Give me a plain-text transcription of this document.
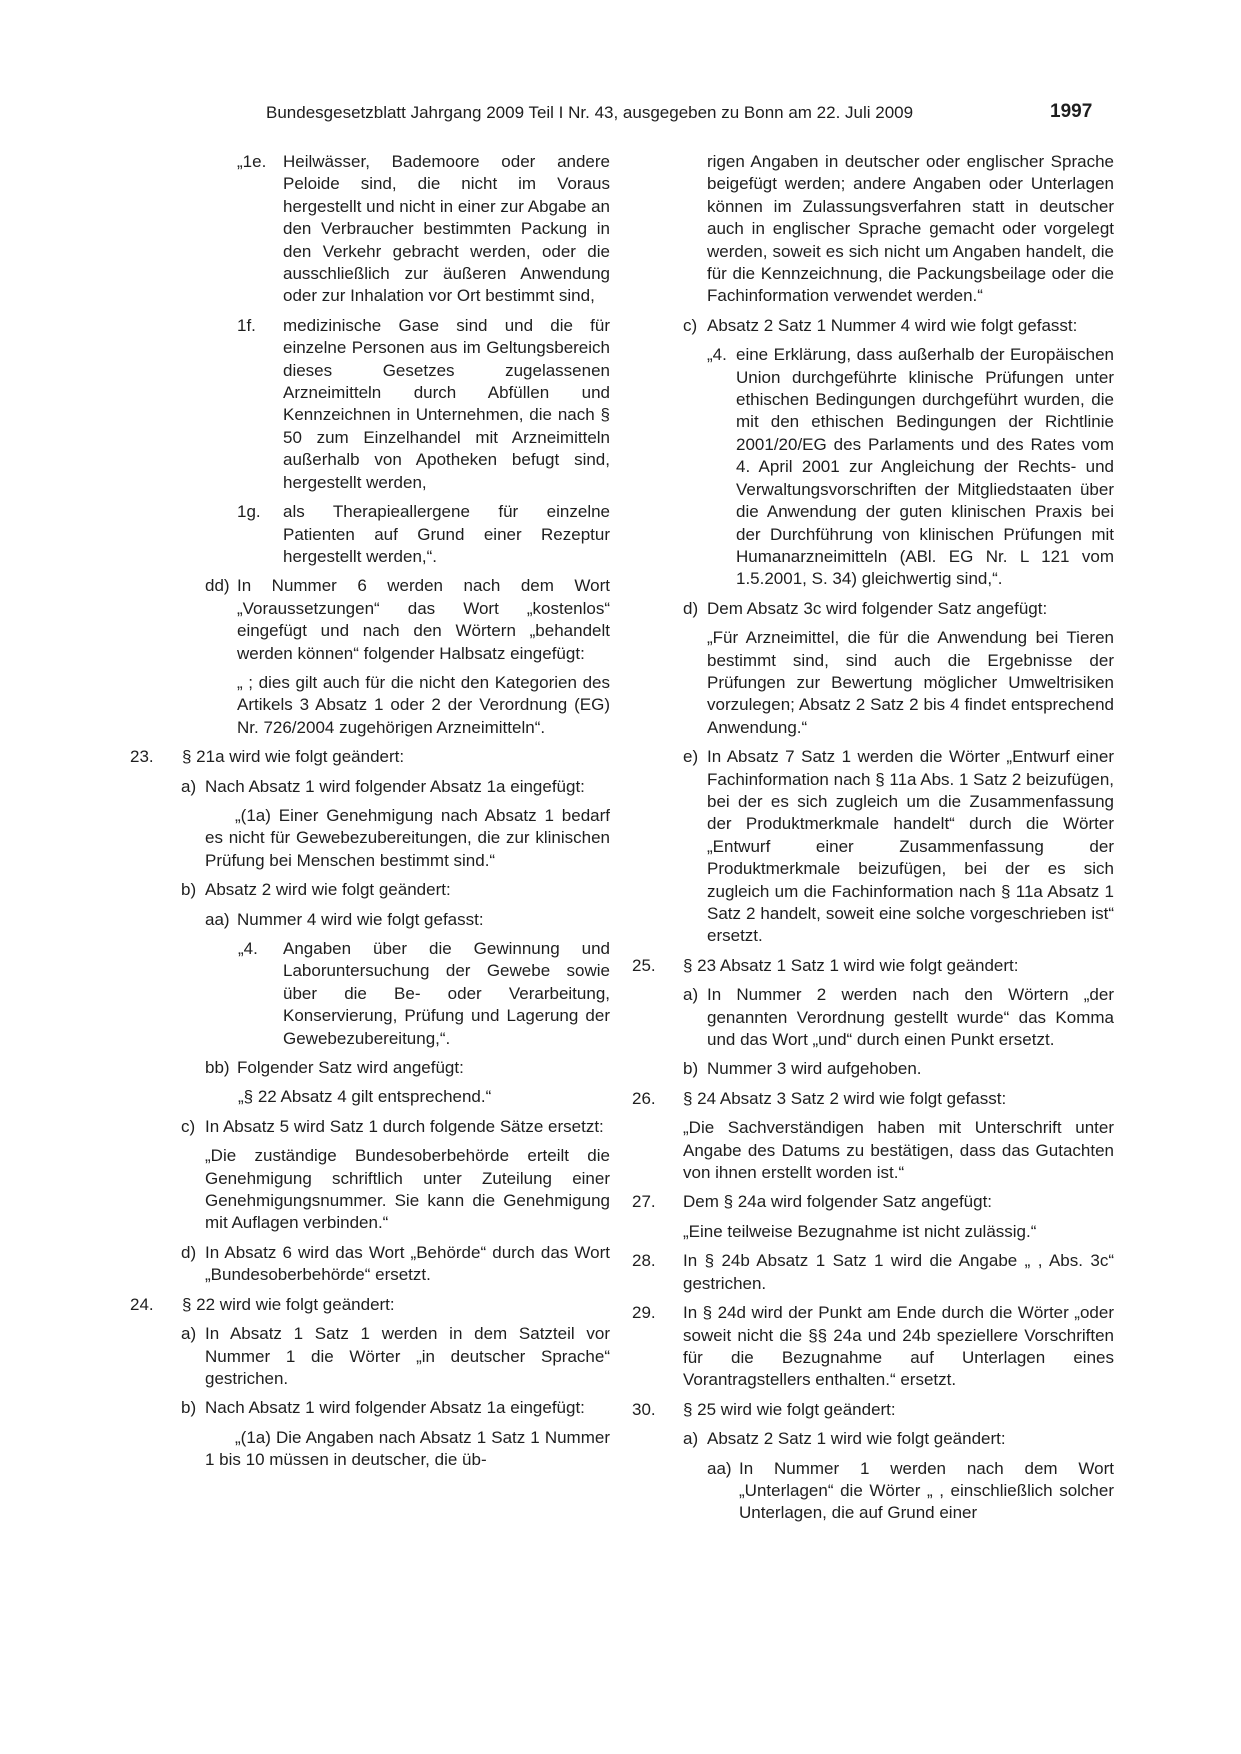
Bundesgesetzblatt Jahrgang 2009 Teil I Nr. 43, ausgegeben zu Bonn am 22. Juli 2009	1997
„1e. Heilwässer, Bademoore oder andere Peloide sind, die nicht im Voraus hergestellt und nicht in einer zur Abgabe an den Verbraucher bestimmten Packung in den Verkehr gebracht werden, oder die ausschließlich zur äußeren Anwendung oder zur Inhalation vor Ort bestimmt sind,
1f. medizinische Gase sind und die für einzelne Personen aus im Geltungsbereich dieses Gesetzes zugelassenen Arzneimitteln durch Abfüllen und Kennzeichnen in Unternehmen, die nach § 50 zum Einzelhandel mit Arzneimitteln außerhalb von Apotheken befugt sind, hergestellt werden,
1g. als Therapieallergene für einzelne Patienten auf Grund einer Rezeptur hergestellt werden,“.
dd) In Nummer 6 werden nach dem Wort „Voraussetzungen“ das Wort „kostenlos“ eingefügt und nach den Wörtern „behandelt werden können“ folgender Halbsatz eingefügt:
„ ; dies gilt auch für die nicht den Kategorien des Artikels 3 Absatz 1 oder 2 der Verordnung (EG) Nr. 726/2004 zugehörigen Arzneimitteln“.
23.	§ 21a wird wie folgt geändert:
a) Nach Absatz 1 wird folgender Absatz 1a eingefügt:
„(1a) Einer Genehmigung nach Absatz 1 bedarf es nicht für Gewebezubereitungen, die zur klinischen Prüfung bei Menschen bestimmt sind.“
b) Absatz 2 wird wie folgt geändert:
aa) Nummer 4 wird wie folgt gefasst:
„4.	Angaben über die Gewinnung und Laboruntersuchung der Gewebe sowie über die Be- oder Verarbeitung, Konservierung, Prüfung und Lagerung der Gewebezubereitung,“.
bb) Folgender Satz wird angefügt:
„§ 22 Absatz 4 gilt entsprechend.“
c) In Absatz 5 wird Satz 1 durch folgende Sätze ersetzt:
„Die zuständige Bundesoberbehörde erteilt die Genehmigung schriftlich unter Zuteilung einer Genehmigungsnummer. Sie kann die Genehmigung mit Auflagen verbinden.“
d) In Absatz 6 wird das Wort „Behörde“ durch das Wort „Bundesoberbehörde“ ersetzt.
24.	§ 22 wird wie folgt geändert:
a) In Absatz 1 Satz 1 werden in dem Satzteil vor Nummer 1 die Wörter „in deutscher Sprache“ gestrichen.
b) Nach Absatz 1 wird folgender Absatz 1a eingefügt:
„(1a) Die Angaben nach Absatz 1 Satz 1 Nummer 1 bis 10 müssen in deutscher, die üb-
rigen Angaben in deutscher oder englischer Sprache beigefügt werden; andere Angaben oder Unterlagen können im Zulassungsverfahren statt in deutscher auch in englischer Sprache gemacht oder vorgelegt werden, soweit es sich nicht um Angaben handelt, die für die Kennzeichnung, die Packungsbeilage oder die Fachinformation verwendet werden.“
c) Absatz 2 Satz 1 Nummer 4 wird wie folgt gefasst:
„4. eine Erklärung, dass außerhalb der Europäischen Union durchgeführte klinische Prüfungen unter ethischen Bedingungen durchgeführt wurden, die mit den ethischen Bedingungen der Richtlinie 2001/20/EG des Parlaments und des Rates vom 4. April 2001 zur Angleichung der Rechts- und Verwaltungsvorschriften der Mitgliedstaaten über die Anwendung der guten klinischen Praxis bei der Durchführung von klinischen Prüfungen mit Humanarzneimitteln (ABl. EG Nr. L 121 vom 1.5.2001, S. 34) gleichwertig sind,“.
d) Dem Absatz 3c wird folgender Satz angefügt:
„Für Arzneimittel, die für die Anwendung bei Tieren bestimmt sind, sind auch die Ergebnisse der Prüfungen zur Bewertung möglicher Umweltrisiken vorzulegen; Absatz 2 Satz 2 bis 4 findet entsprechend Anwendung.“
e) In Absatz 7 Satz 1 werden die Wörter „Entwurf einer Fachinformation nach § 11a Abs. 1 Satz 2 beizufügen, bei der es sich zugleich um die Zusammenfassung der Produktmerkmale handelt“ durch die Wörter „Entwurf einer Zusammenfassung der Produktmerkmale beizufügen, bei der es sich zugleich um die Fachinformation nach § 11a Absatz 1 Satz 2 handelt, soweit eine solche vorgeschrieben ist“ ersetzt.
25. § 23 Absatz 1 Satz 1 wird wie folgt geändert:
a) In Nummer 2 werden nach den Wörtern „der genannten Verordnung gestellt wurde“ das Komma und das Wort „und“ durch einen Punkt ersetzt.
b) Nummer 3 wird aufgehoben.
26. § 24 Absatz 3 Satz 2 wird wie folgt gefasst:
„Die Sachverständigen haben mit Unterschrift unter Angabe des Datums zu bestätigen, dass das Gutachten von ihnen erstellt worden ist.“
27. Dem § 24a wird folgender Satz angefügt:
„Eine teilweise Bezugnahme ist nicht zulässig.“
28. In § 24b Absatz 1 Satz 1 wird die Angabe „ , Abs. 3c“ gestrichen.
29. In § 24d wird der Punkt am Ende durch die Wörter „oder soweit nicht die §§ 24a und 24b speziellere Vorschriften für die Bezugnahme auf Unterlagen eines Vorantragstellers enthalten.“ ersetzt.
30. § 25 wird wie folgt geändert:
a) Absatz 2 Satz 1 wird wie folgt geändert:
aa) In Nummer 1 werden nach dem Wort „Unterlagen“ die Wörter „ , einschließlich solcher Unterlagen, die auf Grund einer
